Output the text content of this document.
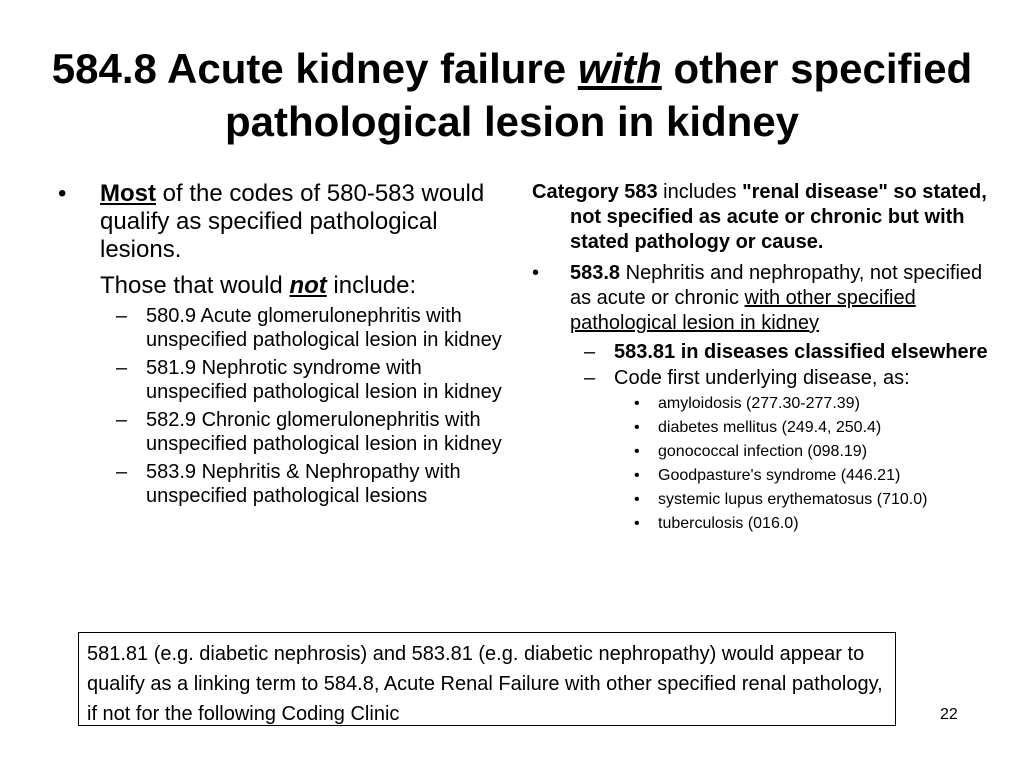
584.8 Acute kidney failure with other specified pathological lesion in kidney
• Most of the codes of 580-583 would qualify as specified pathological lesions.
Those that would not include:
– 580.9 Acute glomerulonephritis with unspecified pathological lesion in kidney
– 581.9 Nephrotic syndrome with unspecified pathological lesion in kidney
– 582.9 Chronic glomerulonephritis with unspecified pathological lesion in kidney
– 583.9 Nephritis & Nephropathy with unspecified pathological lesions
Category 583 includes "renal disease" so stated, not specified as acute or chronic but with stated pathology or cause.
• 583.8 Nephritis and nephropathy, not specified as acute or chronic with other specified pathological lesion in kidney
– 583.81 in diseases classified elsewhere
– Code first underlying disease, as:
• amyloidosis (277.30-277.39)
• diabetes mellitus (249.4, 250.4)
• gonococcal infection (098.19)
• Goodpasture's syndrome (446.21)
• systemic lupus erythematosus (710.0)
• tuberculosis (016.0)
581.81 (e.g. diabetic nephrosis) and 583.81 (e.g. diabetic nephropathy) would appear to qualify as a linking term to 584.8, Acute Renal Failure with other specified renal pathology, if not for the following Coding Clinic	22
